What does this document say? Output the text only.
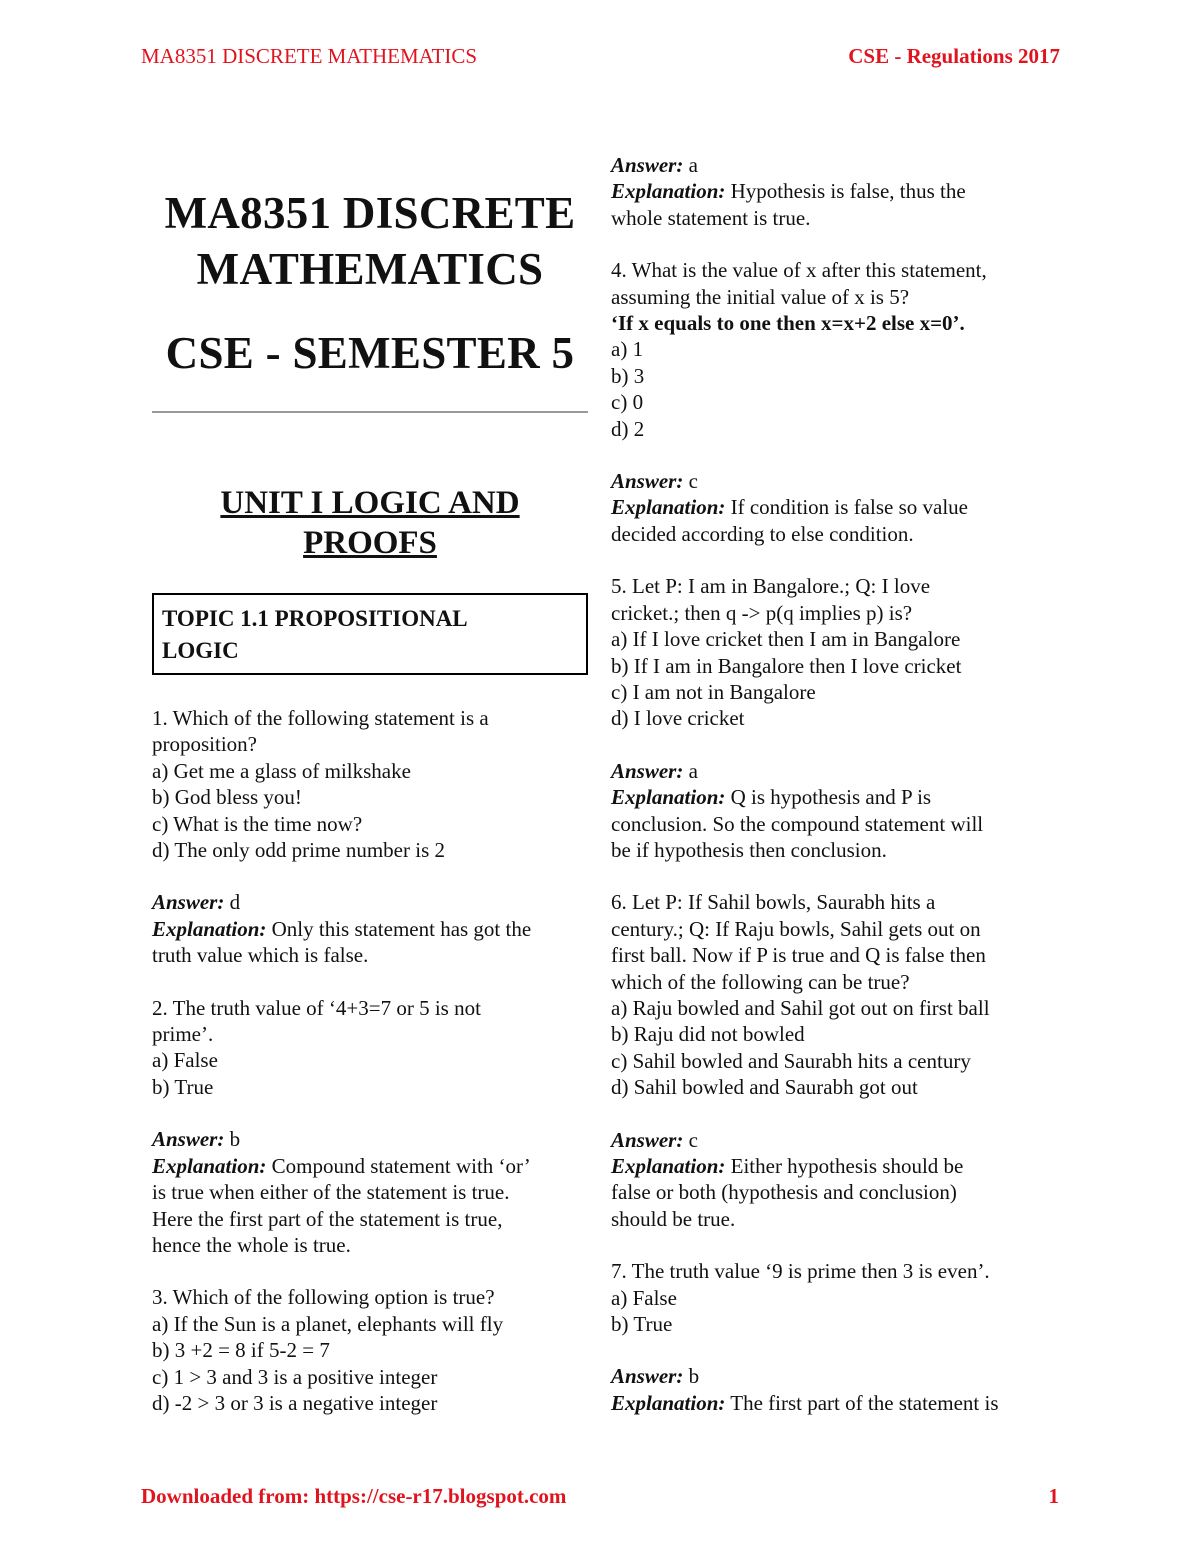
MA8351 DISCRETE MATHEMATICS	CSE - Regulations 2017

MA8351 DISCRETE

MATHEMATICS

CSE - SEMESTER 5

UNIT I LOGIC AND
PROOFS
TOPIC 1.1 PROPOSITIONAL
LOGIC

1. Which of the following statement is a

proposition?

a) Get me a glass of milkshake

b) God bless you!

c) What is the time now?

d) The only odd prime number is 2

Answer: d

Explanation: Only this statement has got the

truth value which is false.

2. The truth value of ‘4+3=7 or 5 is not

prime’.

a) False

b) True

Answer: b

Explanation: Compound statement with ‘or’

is true when either of the statement is true.

Here the first part of the statement is true,

hence the whole is true.

3. Which of the following option is true?

a) If the Sun is a planet, elephants will fly

b) 3 +2 = 8 if 5-2 = 7

c) 1 > 3 and 3 is a positive integer

d) -2 > 3 or 3 is a negative integer

Answer: a

Explanation: Hypothesis is false, thus the

whole statement is true.

4. What is the value of x after this statement,

assuming the initial value of x is 5?

‘If x equals to one then x=x+2 else x=0’.

a) 1

b) 3

c) 0

d) 2

Answer: c

Explanation: If condition is false so value

decided according to else condition.

5. Let P: I am in Bangalore.; Q: I love

cricket.; then q -> p(q implies p) is?

a) If I love cricket then I am in Bangalore

b) If I am in Bangalore then I love cricket

c) I am not in Bangalore

d) I love cricket

Answer: a

Explanation: Q is hypothesis and P is

conclusion. So the compound statement will

be if hypothesis then conclusion.

6. Let P: If Sahil bowls, Saurabh hits a

century.; Q: If Raju bowls, Sahil gets out on

first ball. Now if P is true and Q is false then

which of the following can be true?

a) Raju bowled and Sahil got out on first ball

b) Raju did not bowled

c) Sahil bowled and Saurabh hits a century

d) Sahil bowled and Saurabh got out

Answer: c

Explanation: Either hypothesis should be

false or both (hypothesis and conclusion)

should be true.

7. The truth value ‘9 is prime then 3 is even’.

a) False

b) True

Answer: b

Explanation: The first part of the statement is

Downloaded from: https://cse-r17.blogspot.com	1
